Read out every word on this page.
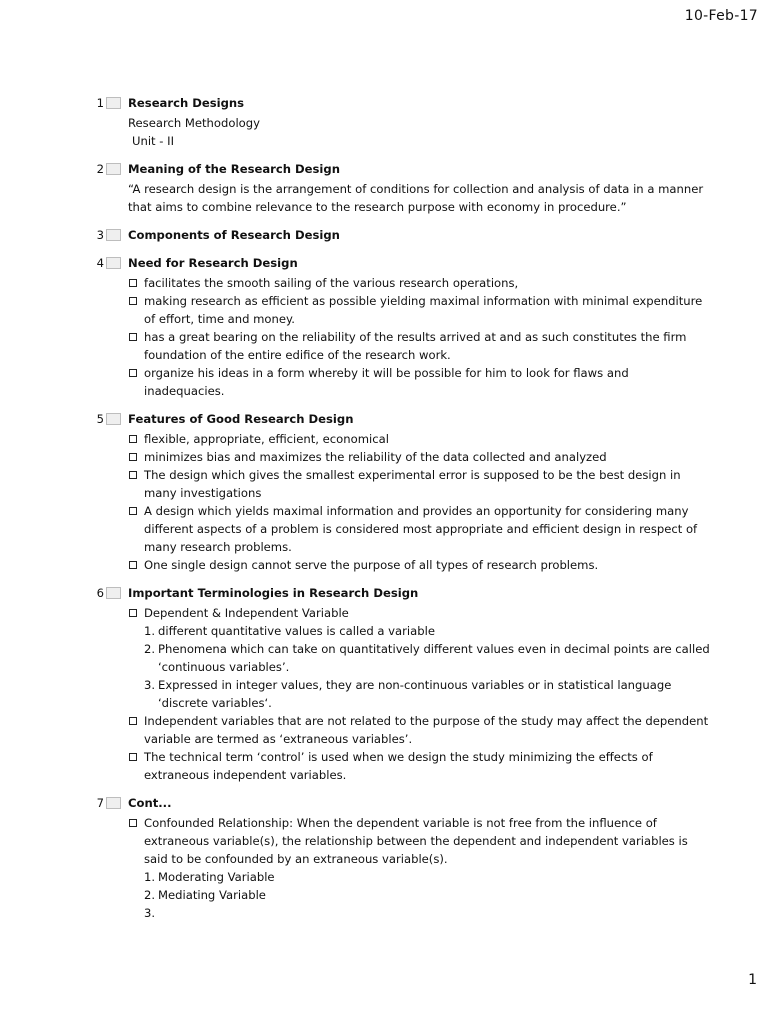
10-Feb-17
1 Research Designs
Research Methodology
Unit - II
2 Meaning of the Research Design
“A research design is the arrangement of conditions for collection and analysis of data in a manner
that aims to combine relevance to the research purpose with economy in procedure.”
3 Components of Research Design
4 Need for Research Design
facilitates the smooth sailing of the various research operations,
making research as efficient as possible yielding maximal information with minimal expenditure
of effort, time and money.
has a great bearing on the reliability of the results arrived at and as such constitutes the firm
foundation of the entire edifice of the research work.
organize his ideas in a form whereby it will be possible for him to look for flaws and
inadequacies.
5 Features of Good Research Design
flexible, appropriate, efficient, economical
minimizes bias and maximizes the reliability of the data collected and analyzed
The design which gives the smallest experimental error is supposed to be the best design in
many investigations
A design which yields maximal information and provides an opportunity for considering many
different aspects of a problem is considered most appropriate and efficient design in respect of
many research problems.
One single design cannot serve the purpose of all types of research problems.
6 Important Terminologies in Research Design
Dependent & Independent Variable
1. different quantitative values is called a variable
2. Phenomena which can take on quantitatively different values even in decimal points are called
‘continuous variables’.
3. Expressed in integer values, they are non-continuous variables or in statistical language
‘discrete variables‘.
Independent variables that are not related to the purpose of the study may affect the dependent
variable are termed as ‘extraneous variables’.
The technical term ‘control’ is used when we design the study minimizing the effects of
extraneous independent variables.
7 Cont...
Confounded Relationship: When the dependent variable is not free from the influence of
extraneous variable(s), the relationship between the dependent and independent variables is
said to be confounded by an extraneous variable(s).
1. Moderating Variable
2. Mediating Variable
3.

1
